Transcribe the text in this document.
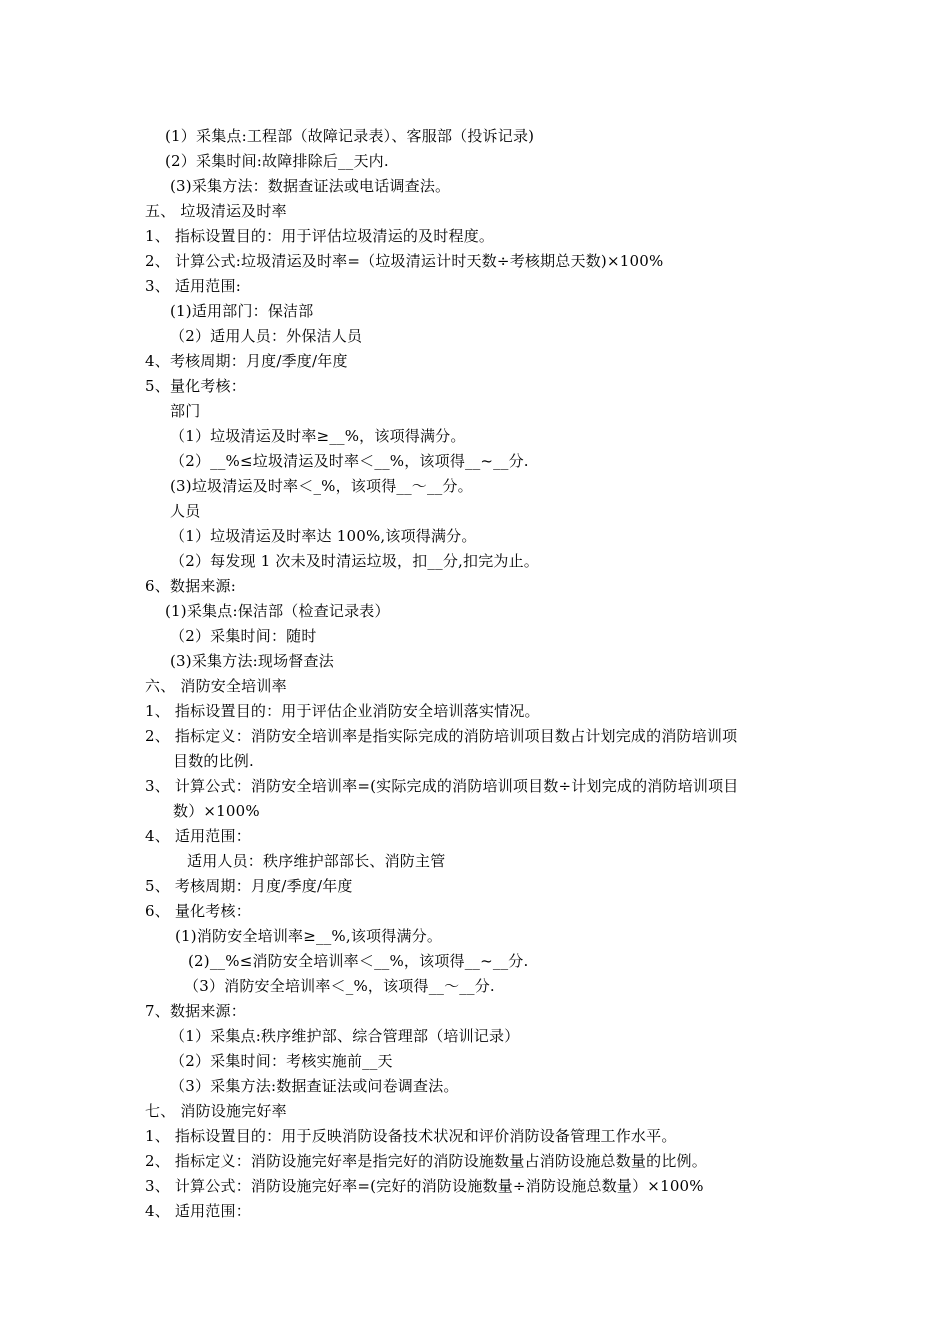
(1）采集点:工程部（故障记录表）、客服部（投诉记录)
(2）采集时间:故障排除后__天内.
(3)采集方法：数据查证法或电话调查法。
五、 垃圾清运及时率
1、 指标设置目的：用于评估垃圾清运的及时程度。
2、 计算公式:垃圾清运及时率=（垃圾清运计时天数÷考核期总天数)×100%
3、 适用范围:
(1)适用部门：保洁部
（2）适用人员：外保洁人员
4、考核周期：月度/季度/年度
5、量化考核：
部门
（1）垃圾清运及时率≥__%，该项得满分。
（2）__%≤垃圾清运及时率＜__%，该项得__~__分.
(3)垃圾清运及时率＜_%，该项得__～__分。
人员
（1）垃圾清运及时率达 100%,该项得满分。
（2）每发现 1 次未及时清运垃圾，扣__分,扣完为止。
6、数据来源:
(1)采集点:保洁部（检查记录表）
（2）采集时间：随时
(3)采集方法:现场督查法
六、 消防安全培训率
1、 指标设置目的：用于评估企业消防安全培训落实情况。
2、 指标定义：消防安全培训率是指实际完成的消防培训项目数占计划完成的消防培训项
目数的比例.
3、 计算公式：消防安全培训率=(实际完成的消防培训项目数÷计划完成的消防培训项目
数）×100%
4、 适用范围：
适用人员：秩序维护部部长、消防主管
5、 考核周期：月度/季度/年度
6、 量化考核：
(1)消防安全培训率≥__%,该项得满分。
(2)__%≤消防安全培训率＜__%，该项得__~__分.
（3）消防安全培训率＜_%，该项得__～__分.
7、数据来源：
（1）采集点:秩序维护部、综合管理部（培训记录）
（2）采集时间：考核实施前__天
（3）采集方法:数据查证法或问卷调查法。
七、 消防设施完好率
1、 指标设置目的：用于反映消防设备技术状况和评价消防设备管理工作水平。
2、 指标定义：消防设施完好率是指完好的消防设施数量占消防设施总数量的比例。
3、 计算公式：消防设施完好率=(完好的消防设施数量÷消防设施总数量）×100%
4、 适用范围：
